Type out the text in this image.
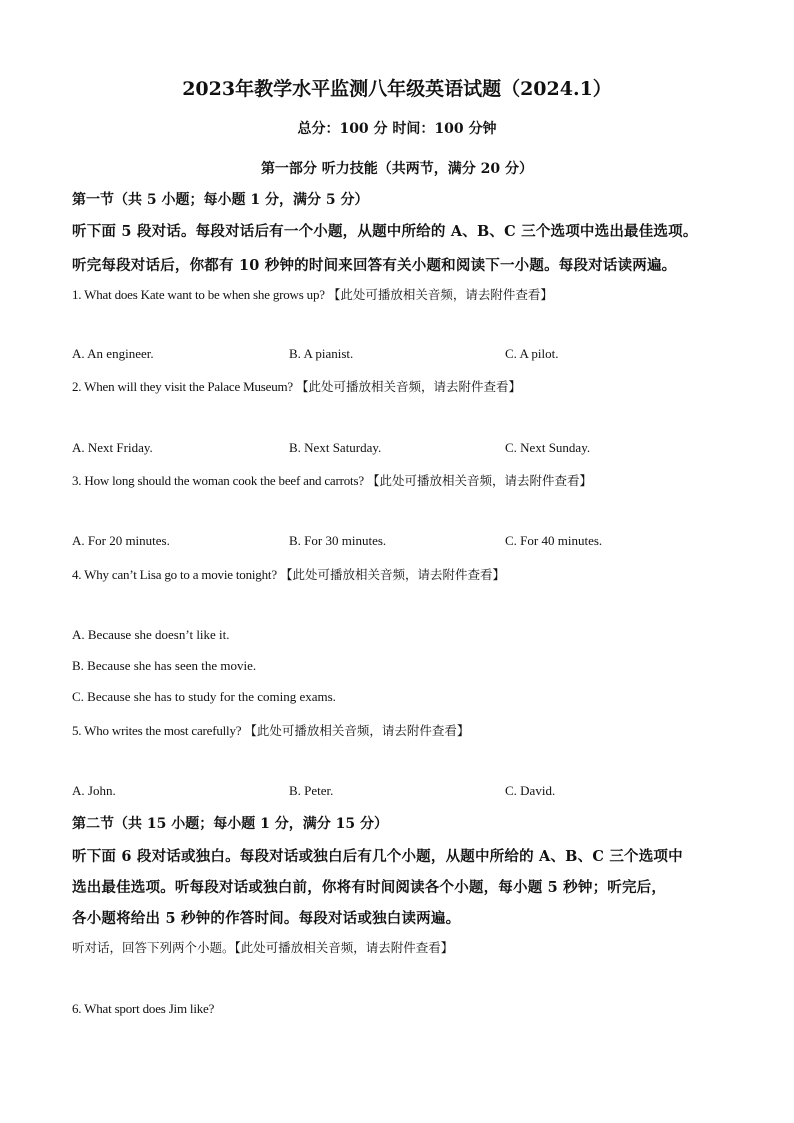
2023年教学水平监测八年级英语试题（2024.1）
总分：100 分 时间：100 分钟
第一部分 听力技能（共两节，满分 20 分）
第一节（共 5 小题；每小题 1 分，满分 5 分）
听下面 5 段对话。每段对话后有一个小题，从题中所给的 A、B、C 三个选项中选出最佳选项。
听完每段对话后，你都有 10 秒钟的时间来回答有关小题和阅读下一小题。每段对话读两遍。
1. What does Kate want to be when she grows up? 【此处可播放相关音频，请去附件查看】
A. An engineer.	B. A pianist.	C. A pilot.
2. When will they visit the Palace Museum? 【此处可播放相关音频，请去附件查看】
A. Next Friday.	B. Next Saturday.	C. Next Sunday.
3. How long should the woman cook the beef and carrots? 【此处可播放相关音频，请去附件查看】
A. For 20 minutes.	B. For 30 minutes.	C. For 40 minutes.
4. Why can’t Lisa go to a movie tonight? 【此处可播放相关音频，请去附件查看】
A. Because she doesn’t like it.
B. Because she has seen the movie.
C. Because she has to study for the coming exams.
5. Who writes the most carefully? 【此处可播放相关音频，请去附件查看】
A. John.	B. Peter.	C. David.
第二节（共 15 小题；每小题 1 分，满分 15 分）
听下面 6 段对话或独白。每段对话或独白后有几个小题，从题中所给的 A、B、C 三个选项中
选出最佳选项。听每段对话或独白前，你将有时间阅读各个小题，每小题 5 秒钟；听完后，
各小题将给出 5 秒钟的作答时间。每段对话或独白读两遍。
听对话，回答下列两个小题。【此处可播放相关音频，请去附件查看】
6. What sport does Jim like?
